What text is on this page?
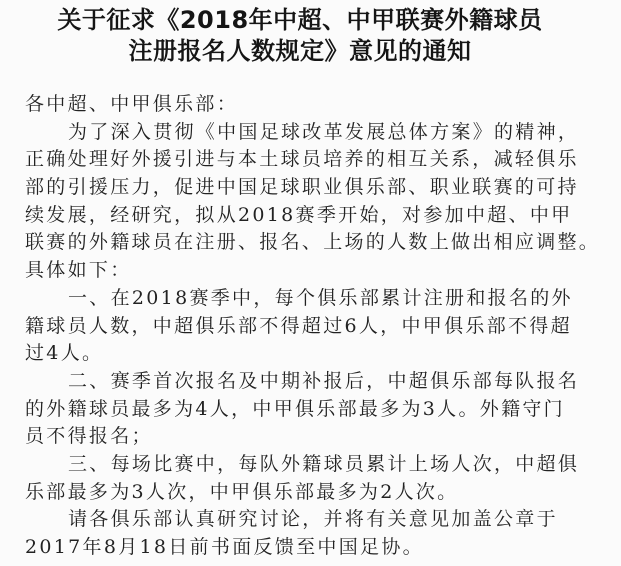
关于征求《2018年中超、中甲联赛外籍球员
注册报名人数规定》意见的通知
各中超、中甲俱乐部：
为了深入贯彻《中国足球改革发展总体方案》的精神，
正确处理好外援引进与本土球员培养的相互关系，减轻俱乐
部的引援压力，促进中国足球职业俱乐部、职业联赛的可持
续发展，经研究，拟从2018赛季开始，对参加中超、中甲
联赛的外籍球员在注册、报名、上场的人数上做出相应调整。
具体如下：
一、在2018赛季中，每个俱乐部累计注册和报名的外
籍球员人数，中超俱乐部不得超过6人，中甲俱乐部不得超
过4人。
二、赛季首次报名及中期补报后，中超俱乐部每队报名
的外籍球员最多为4人，中甲俱乐部最多为3人。外籍守门
员不得报名；
三、每场比赛中，每队外籍球员累计上场人次，中超俱
乐部最多为3人次，中甲俱乐部最多为2人次。
请各俱乐部认真研究讨论，并将有关意见加盖公章于
2017年8月18日前书面反馈至中国足协。
